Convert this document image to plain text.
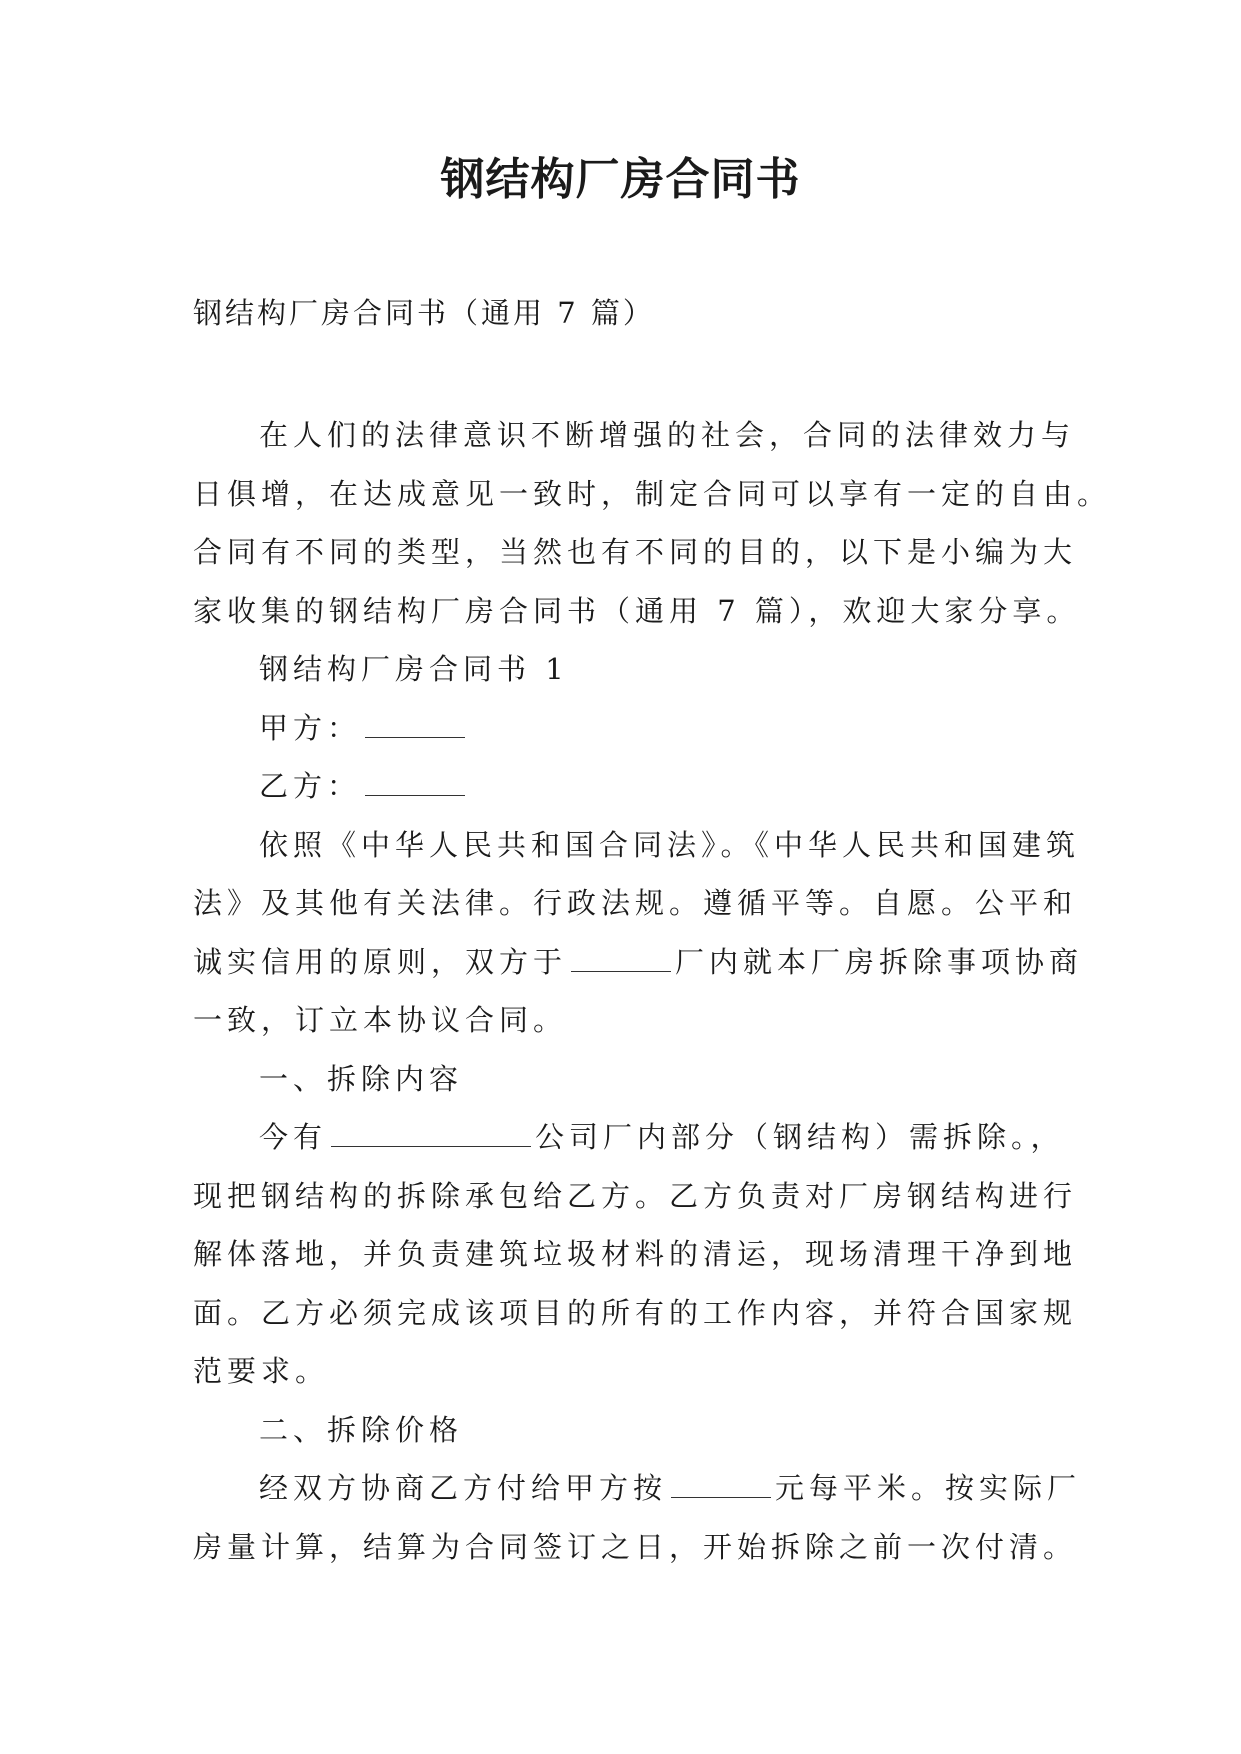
钢结构厂房合同书
钢结构厂房合同书（通用 7 篇）
在人们的法律意识不断增强的社会，合同的法律效力与
日俱增，在达成意见一致时，制定合同可以享有一定的自由。
合同有不同的类型，当然也有不同的目的，以下是小编为大
家收集的钢结构厂房合同书（通用 7 篇），欢迎大家分享。
钢结构厂房合同书 1
甲方：
乙方：
依照《中华人民共和国合同法》。《中华人民共和国建筑
法》及其他有关法律。行政法规。遵循平等。自愿。公平和
诚实信用的原则，双方于	厂内就本厂房拆除事项协商
一致，订立本协议合同。
一、拆除内容
今有	公司厂内部分（钢结构）需拆除。，
现把钢结构的拆除承包给乙方。乙方负责对厂房钢结构进行
解体落地，并负责建筑垃圾材料的清运，现场清理干净到地
面。乙方必须完成该项目的所有的工作内容，并符合国家规
范要求。
二、拆除价格
经双方协商乙方付给甲方按	元每平米。按实际厂
房量计算，结算为合同签订之日，开始拆除之前一次付清。
